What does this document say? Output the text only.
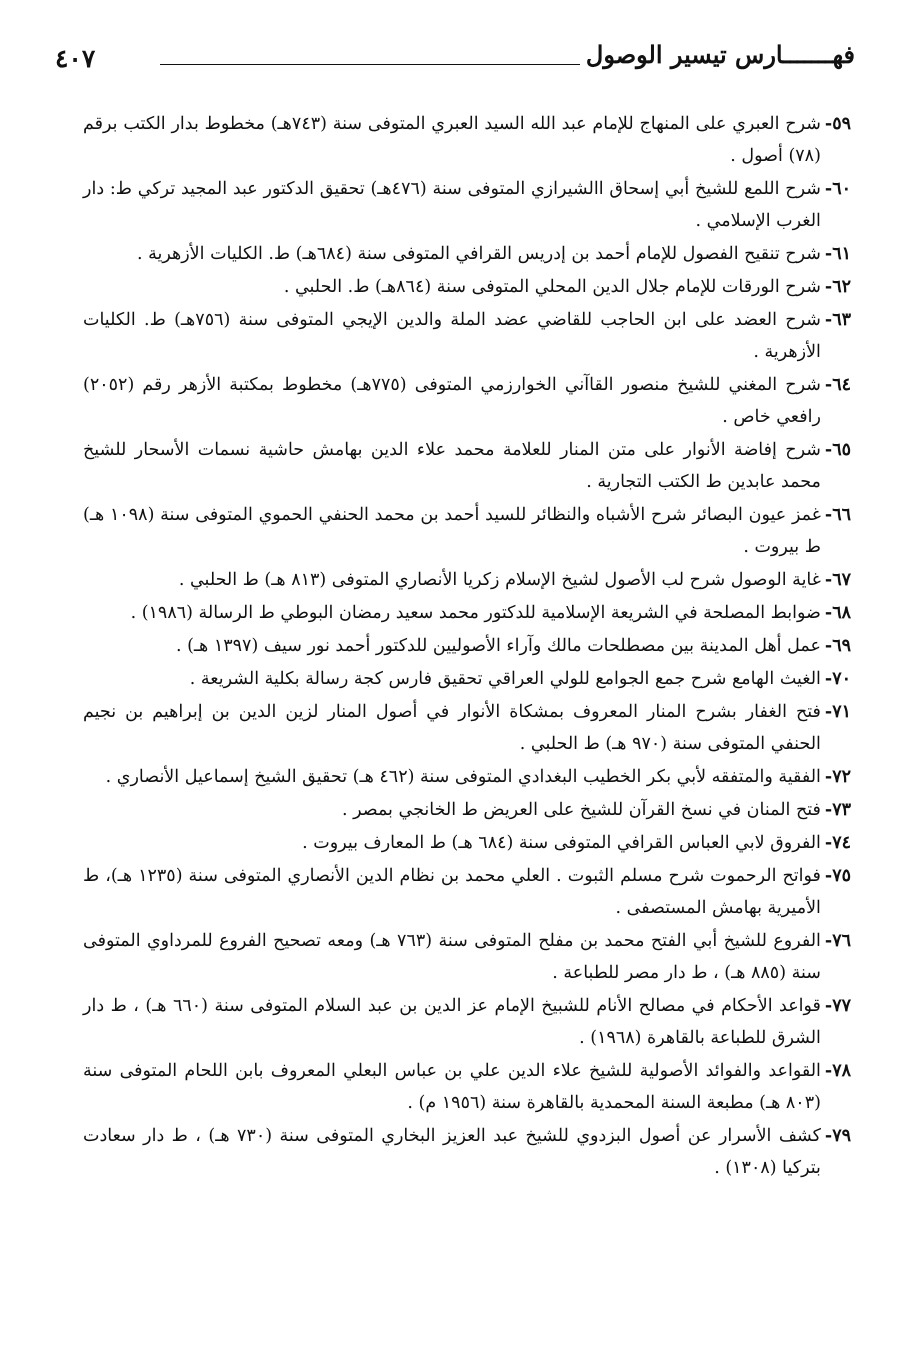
٤٠٧	فهـــــــارس تيسير الوصول
٥٩-
شرح العبري على المنهاج للإمام عبد الله السيد العبري المتوفى سنة (٧٤٣هـ) مخطوط بدار الكتب برقم (٧٨) أصول .
٦٠-
شرح اللمع للشيخ أبي إسحاق االشيرازي المتوفى سنة (٤٧٦هـ) تحقيق الدكتور عبد المجيد تركي ط: دار الغرب الإسلامي .
٦١-
شرح تنقيح الفصول للإمام أحمد بن إدريس القرافي المتوفى سنة (٦٨٤هـ) ط. الكليات الأزهرية .
٦٢-
شرح الورقات للإمام جلال الدين المحلي المتوفى سنة (٨٦٤هـ) ط. الحلبي .
٦٣-
شرح العضد على ابن الحاجب للقاضي عضد الملة والدين الإيجي المتوفى سنة (٧٥٦هـ) ط. الكليات الأزهرية .
٦٤-
شرح المغني للشيخ منصور القاآني الخوارزمي المتوفى (٧٧٥هـ) مخطوط بمكتبة الأزهر رقم (٢٠٥٢) رافعي خاص .
٦٥-
شرح إفاضة الأنوار على متن المنار للعلامة محمد علاء الدين بهامش حاشية نسمات الأسحار للشيخ محمد عابدين ط الكتب التجارية .
٦٦-
غمز عيون البصائر شرح الأشباه والنظائر للسيد أحمد بن محمد الحنفي الحموي المتوفى سنة (١٠٩٨ هـ) ط بيروت .
٦٧-
غاية الوصول شرح لب الأصول لشيخ الإسلام زكريا الأنصاري المتوفى (٨١٣ هـ) ط الحلبي .
٦٨-
ضوابط المصلحة في الشريعة الإسلامية للدكتور محمد سعيد رمضان البوطي ط الرسالة (١٩٨٦) .
٦٩-
عمل أهل المدينة بين مصطلحات مالك وآراء الأصوليين للدكتور أحمد نور سيف (١٣٩٧ هـ) .
٧٠-
الغيث الهامع شرح جمع الجوامع للولي العراقي تحقيق فارس كجة رسالة بكلية الشريعة .
٧١-
فتح الغفار بشرح المنار المعروف بمشكاة الأنوار في أصول المنار لزين الدين بن إبراهيم بن نجيم الحنفي المتوفى سنة (٩٧٠ هـ) ط الحلبي .
٧٢-
الفقية والمتفقه لأبي بكر الخطيب البغدادي المتوفى سنة (٤٦٢ هـ) تحقيق الشيخ إسماعيل الأنصاري .
٧٣-
فتح المنان في نسخ القرآن للشيخ على العريض ط الخانجي بمصر .
٧٤-
الفروق لابي العباس القرافي المتوفى سنة (٦٨٤ هـ) ط المعارف بيروت .
٧٥-
فواتح الرحموت شرح مسلم الثبوت . العلي محمد بن نظام الدين الأنصاري المتوفى سنة (١٢٣٥ هـ)، ط الأميرية بهامش المستصفى .
٧٦-
الفروع للشيخ أبي الفتح محمد بن مفلح المتوفى سنة (٧٦٣ هـ) ومعه تصحيح الفروع للمرداوي المتوفى سنة (٨٨٥ هـ) ، ط دار مصر للطباعة .
٧٧-
قواعد الأحكام في مصالح الأنام للشبيخ الإمام عز الدين بن عبد السلام المتوفى سنة (٦٦٠ هـ) ، ط دار الشرق للطباعة بالقاهرة (١٩٦٨) .
٧٨-
القواعد والفوائد الأصولية للشيخ علاء الدين علي بن عباس البعلي المعروف بابن اللحام المتوفى سنة (٨٠٣ هـ) مطبعة السنة المحمدية بالقاهرة سنة (١٩٥٦ م) .
٧٩-
كشف الأسرار عن أصول البزدوي للشيخ عبد العزيز البخاري المتوفى سنة (٧٣٠ هـ) ، ط دار سعادت بتركيا (١٣٠٨) .
